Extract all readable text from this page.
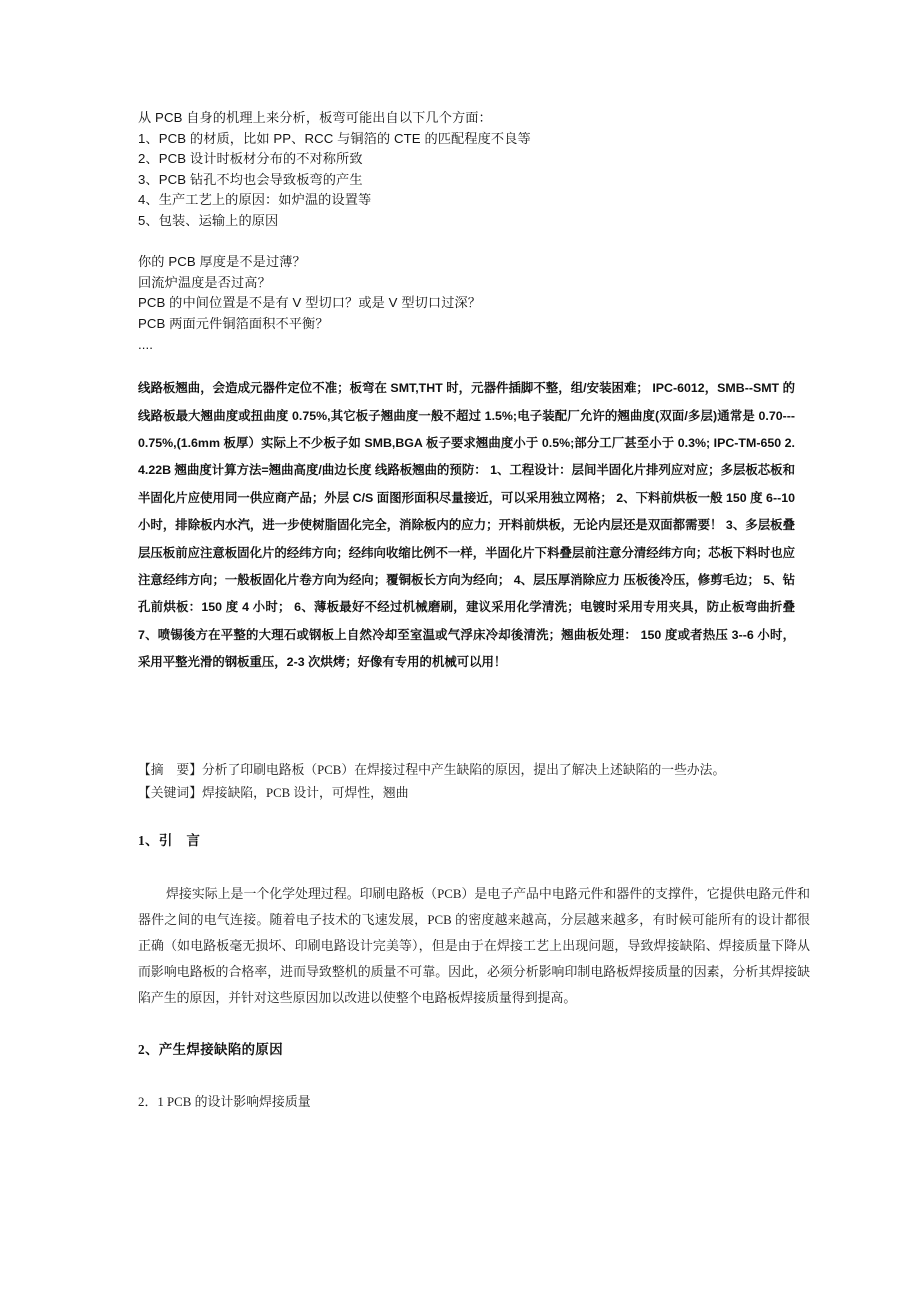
从 PCB 自身的机理上来分析，板弯可能出自以下几个方面：
1、PCB 的材质，比如 PP、RCC 与铜箔的 CTE 的匹配程度不良等
2、PCB 设计时板材分布的不对称所致
3、PCB 钻孔不均也会导致板弯的产生
4、生产工艺上的原因：如炉温的设置等
5、包装、运输上的原因
你的 PCB 厚度是不是过薄？
回流炉温度是否过高？
PCB 的中间位置是不是有 V 型切口？或是 V 型切口过深？
PCB 两面元件铜箔面积不平衡？
....
线路板翘曲，会造成元器件定位不准；板弯在 SMT,THT 时，元器件插脚不整，组/安装困难； IPC-6012，SMB--SMT 的线路板最大翘曲度或扭曲度 0.75%,其它板子翘曲度一般不超过 1.5%;电子装配厂允许的翘曲度(双面/多层)通常是 0.70---0.75%,(1.6mm 板厚）实际上不少板子如 SMB,BGA 板子要求翘曲度小于 0.5%;部分工厂甚至小于 0.3%; IPC-TM-650 2.4.22B 翘曲度计算方法=翘曲高度/曲边长度 线路板翘曲的预防： 1、工程设计：层间半固化片排列应对应；多层板芯板和半固化片应使用同一供应商产品；外层 C/S 面图形面积尽量接近，可以采用独立网格； 2、下料前烘板一般 150 度 6--10 小时，排除板内水汽，进一步使树脂固化完全，消除板内的应力；开料前烘板，无论内层还是双面都需要！ 3、多层板叠层压板前应注意板固化片的经纬方向；经纬向收缩比例不一样，半固化片下料叠层前注意分清经纬方向；芯板下料时也应注意经纬方向；一般板固化片卷方向为经向；覆铜板长方向为经向； 4、层压厚消除应力 压板後冷压，修剪毛边； 5、钻孔前烘板：150 度 4 小时； 6、薄板最好不经过机械磨刷，建议采用化学清洗；电镀时采用专用夹具，防止板弯曲折叠 7、喷锡後方在平整的大理石或钢板上自然冷却至室温或气浮床冷却後清洗；翘曲板处理： 150 度或者热压 3--6 小时，采用平整光滑的钢板重压，2-3 次烘烤；好像有专用的机械可以用！
【摘　要】分析了印刷电路板（PCB）在焊接过程中产生缺陷的原因，提出了解决上述缺陷的一些办法。
【关键词】焊接缺陷，PCB 设计，可焊性，翘曲
1、引　言
焊接实际上是一个化学处理过程。印刷电路板（PCB）是电子产品中电路元件和器件的支撑件，它提供电路元件和器件之间的电气连接。随着电子技术的飞速发展，PCB 的密度越来越高，分层越来越多，有时候可能所有的设计都很正确（如电路板毫无损坏、印刷电路设计完美等），但是由于在焊接工艺上出现问题，导致焊接缺陷、焊接质量下降从而影响电路板的合格率，进而导致整机的质量不可靠。因此，必须分析影响印制电路板焊接质量的因素，分析其焊接缺陷产生的原因，并针对这些原因加以改进以使整个电路板焊接质量得到提高。
2、产生焊接缺陷的原因
2．1 PCB 的设计影响焊接质量
